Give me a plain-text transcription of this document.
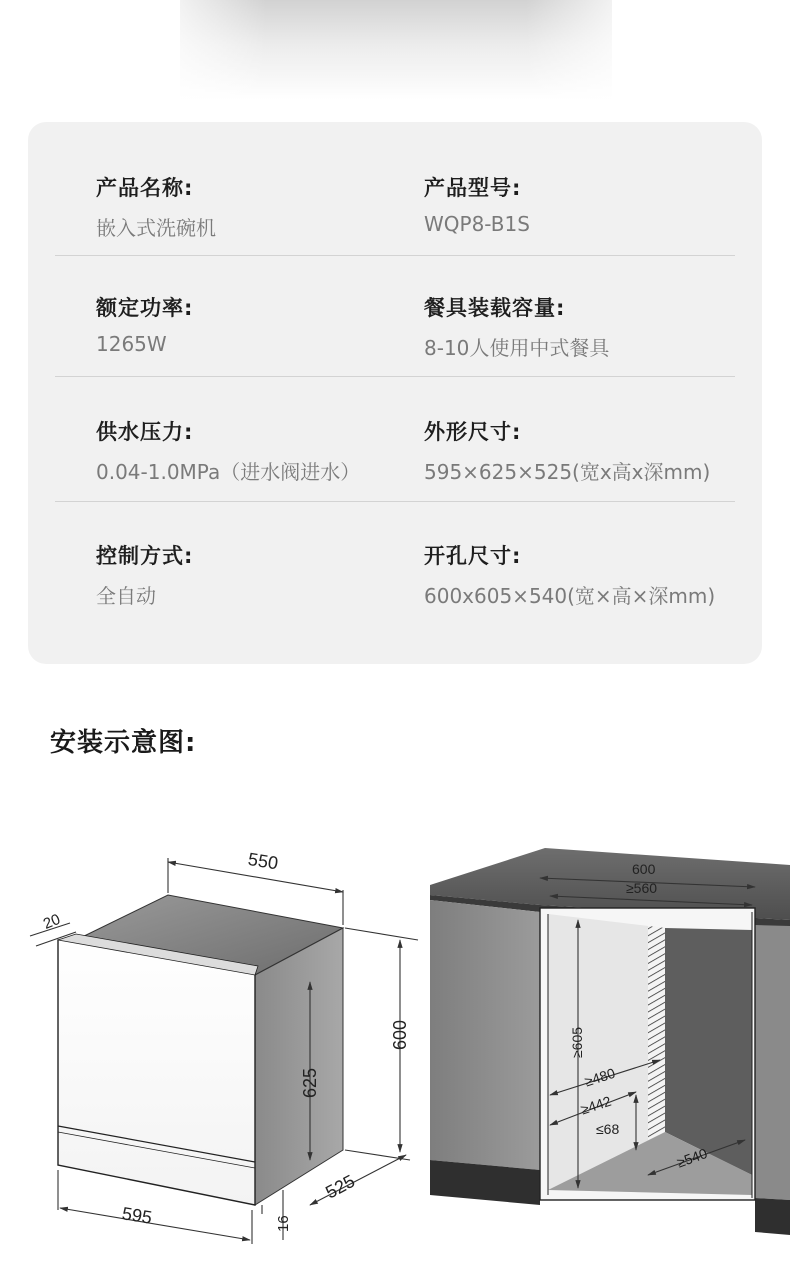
产品名称:
嵌入式洗碗机
产品型号:
WQP8-B1S
额定功率:
1265W
餐具装载容量:
8-10人使用中式餐具
供水压力:
0.04-1.0MPa（进水阀进水）
外形尺寸:
595×625×525(宽x高x深mm)
控制方式:
全自动
开孔尺寸:
600x605×540(宽×高×深mm)
安装示意图:
550
20
600
625
525
595	16
600
≥560
≥605
≥480
≥442
≤68
≥540
